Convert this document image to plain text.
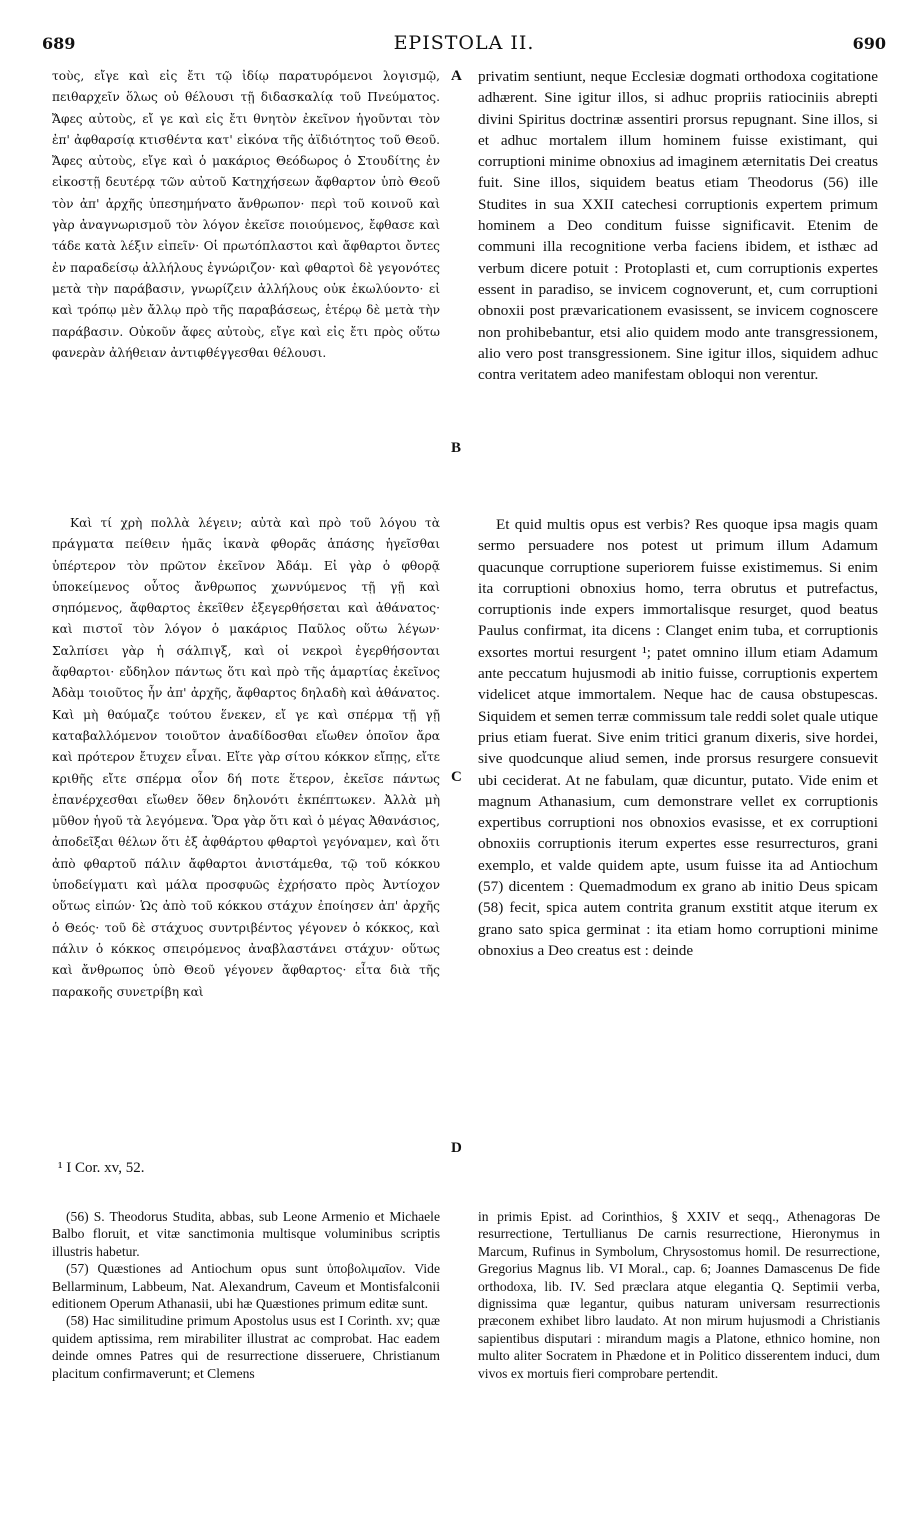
689	EPISTOLA II.	690

τοὺς, εἴγε καὶ εἰς ἔτι τῷ ἰδίῳ παρατυρόμενοι λογισμῷ, πειθαρχεῖν ὅλως οὐ θέλουσι τῇ διδασκαλίᾳ τοῦ Πνεύματος. Ἄφες αὐτοὺς, εἴ γε καὶ εἰς ἔτι θνητὸν ἐκεῖνον ἡγοῦνται τὸν ἐπ' ἀφθαρσίᾳ κτισθέντα κατ' εἰκόνα τῆς ἀϊδιότητος τοῦ Θεοῦ. Ἄφες αὐτοὺς, εἴγε καὶ ὁ μακάριος Θεόδωρος ὁ Στουδίτης ἐν εἰκοστῇ δευτέρᾳ τῶν αὐτοῦ Κατηχήσεων ἄφθαρτον ὑπὸ Θεοῦ τὸν ἀπ' ἀρχῆς ὑπεσημήνατο ἄνθρωπον· περὶ τοῦ κοινοῦ καὶ γὰρ ἀναγνωρισμοῦ τὸν λόγον ἐκεῖσε ποιούμενος, ἔφθασε καὶ τάδε κατὰ λέξιν εἰπεῖν· Οἱ πρωτόπλαστοι καὶ ἄφθαρτοι ὄντες ἐν παραδείσῳ ἀλλήλους ἐγνώριζον· καὶ φθαρτοὶ δὲ γεγονότες μετὰ τὴν παράβασιν, γνωρίζειν ἀλλήλους οὐκ ἐκωλύοντο· εἰ καὶ τρόπῳ μὲν ἄλλῳ πρὸ τῆς παραβάσεως, ἑτέρῳ δὲ μετὰ τὴν παράβασιν. Οὐκοῦν ἄφες αὐτοὺς, εἴγε καὶ εἰς ἔτι πρὸς οὕτω φανερὰν ἀλήθειαν ἀντιφθέγγεσθαι θέλουσι.

Καὶ τί χρὴ πολλὰ λέγειν; αὐτὰ καὶ πρὸ τοῦ λόγου τὰ πράγματα πείθειν ἡμᾶς ἱκανὰ φθορᾶς ἁπάσης ἡγεῖσθαι ὑπέρτερον τὸν πρῶτον ἐκεῖνον Ἀδάμ. Εἰ γὰρ ὁ φθορᾷ ὑποκείμενος οὗτος ἄνθρωπος χωννύμενος τῇ γῇ καὶ σηπόμενος, ἄφθαρτος ἐκεῖθεν ἐξεγερθήσεται καὶ ἀθάνατος· καὶ πιστοῖ τὸν λόγον ὁ μακάριος Παῦλος οὕτω λέγων· Σαλπίσει γὰρ ἡ σάλπιγξ, καὶ οἱ νεκροὶ ἐγερθήσονται ἄφθαρτοι· εὔδηλον πάντως ὅτι καὶ πρὸ τῆς ἁμαρτίας ἐκεῖνος Ἀδὰμ τοιοῦτος ἦν ἀπ' ἀρχῆς, ἄφθαρτος δηλαδὴ καὶ ἀθάνατος. Καὶ μὴ θαύμαζε τούτου ἕνεκεν, εἴ γε καὶ σπέρμα τῇ γῇ καταβαλλόμενον τοιοῦτον ἀναδίδοσθαι εἴωθεν ὁποῖον ἄρα καὶ πρότερον ἔτυχεν εἶναι. Εἴτε γὰρ σίτου κόκκον εἴπῃς, εἴτε κριθῆς εἴτε σπέρμα οἷον δή ποτε ἕτερον, ἐκεῖσε πάντως ἐπανέρχεσθαι εἴωθεν ὅθεν δηλονότι ἐκπέπτωκεν. Ἀλλὰ μὴ μῦθον ἡγοῦ τὰ λεγόμενα. Ὅρα γὰρ ὅτι καὶ ὁ μέγας Ἀθανάσιος, ἀποδεῖξαι θέλων ὅτι ἐξ ἀφθάρτου φθαρτοὶ γεγόναμεν, καὶ ὅτι ἀπὸ φθαρτοῦ πάλιν ἄφθαρτοι ἀνιστάμεθα, τῷ τοῦ κόκκου ὑποδείγματι καὶ μάλα προσφυῶς ἐχρήσατο πρὸς Ἀντίοχον οὕτως εἰπών· Ὡς ἀπὸ τοῦ κόκκου στάχυν ἐποίησεν ἀπ' ἀρχῆς ὁ Θεός· τοῦ δὲ στάχυος συντριβέντος γέγονεν ὁ κόκκος, καὶ πάλιν ὁ κόκκος σπειρόμενος ἀναβλαστάνει στάχυν· οὕτως καὶ ἄνθρωπος ὑπὸ Θεοῦ γέγονεν ἄφθαρτος· εἶτα διὰ τῆς παρακοῆς συνετρίβη καὶ

privatim sentiunt, neque Ecclesiæ dogmati orthodoxa cogitatione adhærent. Sine igitur illos, si adhuc propriis ratiociniis abrepti divini Spiritus doctrinæ assentiri prorsus repugnant. Sine illos, si et adhuc mortalem illum hominem fuisse existimant, qui corruptioni minime obnoxius ad imaginem æternitatis Dei creatus fuit. Sine illos, siquidem beatus etiam Theodorus (56) ille Studites in sua XXII catechesi corruptionis expertem primum hominem a Deo conditum fuisse significavit. Etenim de communi illa recognitione verba faciens ibidem, et isthæc ad verbum dicere potuit : Protoplasti et, cum corruptionis expertes essent in paradiso, se invicem cognoverunt, et, cum corruptioni obnoxii post prævaricationem evasissent, se invicem cognoscere non prohibebantur, etsi alio quidem modo ante transgressionem, alio vero post transgressionem. Sine igitur illos, siquidem adhuc contra veritatem adeo manifestam obloqui non verentur.

Et quid multis opus est verbis? Res quoque ipsa magis quam sermo persuadere nos potest ut primum illum Adamum quacunque corruptione superiorem fuisse existimemus. Si enim ita corruptioni obnoxius homo, terra obrutus et putrefactus, corruptionis inde expers immortalisque resurget, quod beatus Paulus confirmat, ita dicens : Clanget enim tuba, et corruptionis exsortes mortui resurgent ¹; patet omnino illum etiam Adamum ante peccatum hujusmodi ab initio fuisse, corruptionis expertem videlicet atque immortalem. Neque hac de causa obstupescas. Siquidem et semen terræ commissum tale reddi solet quale utique prius etiam fuerat. Sive enim tritici granum dixeris, sive hordei, sive quodcunque aliud semen, inde prorsus resurgere consuevit ubi ceciderat. At ne fabulam, quæ dicuntur, putato. Vide enim et magnum Athanasium, cum demonstrare vellet ex corruptionis expertibus corruptioni nos obnoxios evasisse, et ex corruptioni obnoxiis corruptionis iterum expertes esse resurrecturos, grani exemplo, et valde quidem apte, usum fuisse ita ad Antiochum (57) dicentem : Quemadmodum ex grano ab initio Deus spicam (58) fecit, spica autem contrita granum exstitit atque iterum ex grano sato spica germinat : ita etiam homo corruptioni minime obnoxius a Deo creatus est : deinde

A
B
C
D
¹ I Cor. xv, 52.

(56) S. Theodorus Studita, abbas, sub Leone Armenio et Michaele Balbo floruit, et vitæ sanctimonia multisque voluminibus scriptis illustris habetur.

(57) Quæstiones ad Antiochum opus sunt ὑποβολιμαῖον. Vide Bellarminum, Labbeum, Nat. Alexandrum, Caveum et Montisfalconii editionem Operum Athanasii, ubi hæ Quæstiones primum editæ sunt.

(58) Hac similitudine primum Apostolus usus est I Corinth. xv; quæ quidem aptissima, rem mirabiliter illustrat ac comprobat. Hac eadem deinde omnes Patres qui de resurrectione disseruere, Christianum placitum confirmaverunt; et Clemens

in primis Epist. ad Corinthios, § XXIV et seqq., Athenagoras De resurrectione, Tertullianus De carnis resurrectione, Hieronymus in Marcum, Rufinus in Symbolum, Chrysostomus homil. De resurrectione, Gregorius Magnus lib. VI Moral., cap. 6; Joannes Damascenus De fide orthodoxa, lib. IV. Sed præclara atque elegantia Q. Septimii verba, dignissima quæ legantur, quibus naturam universam resurrectionis præconem exhibet libro laudato. At non mirum hujusmodi a Christianis sapientibus disputari : mirandum magis a Platone, ethnico homine, non multo aliter Socratem in Phædone et in Politico disserentem induci, dum vivos ex mortuis fieri comprobare pertendit.
